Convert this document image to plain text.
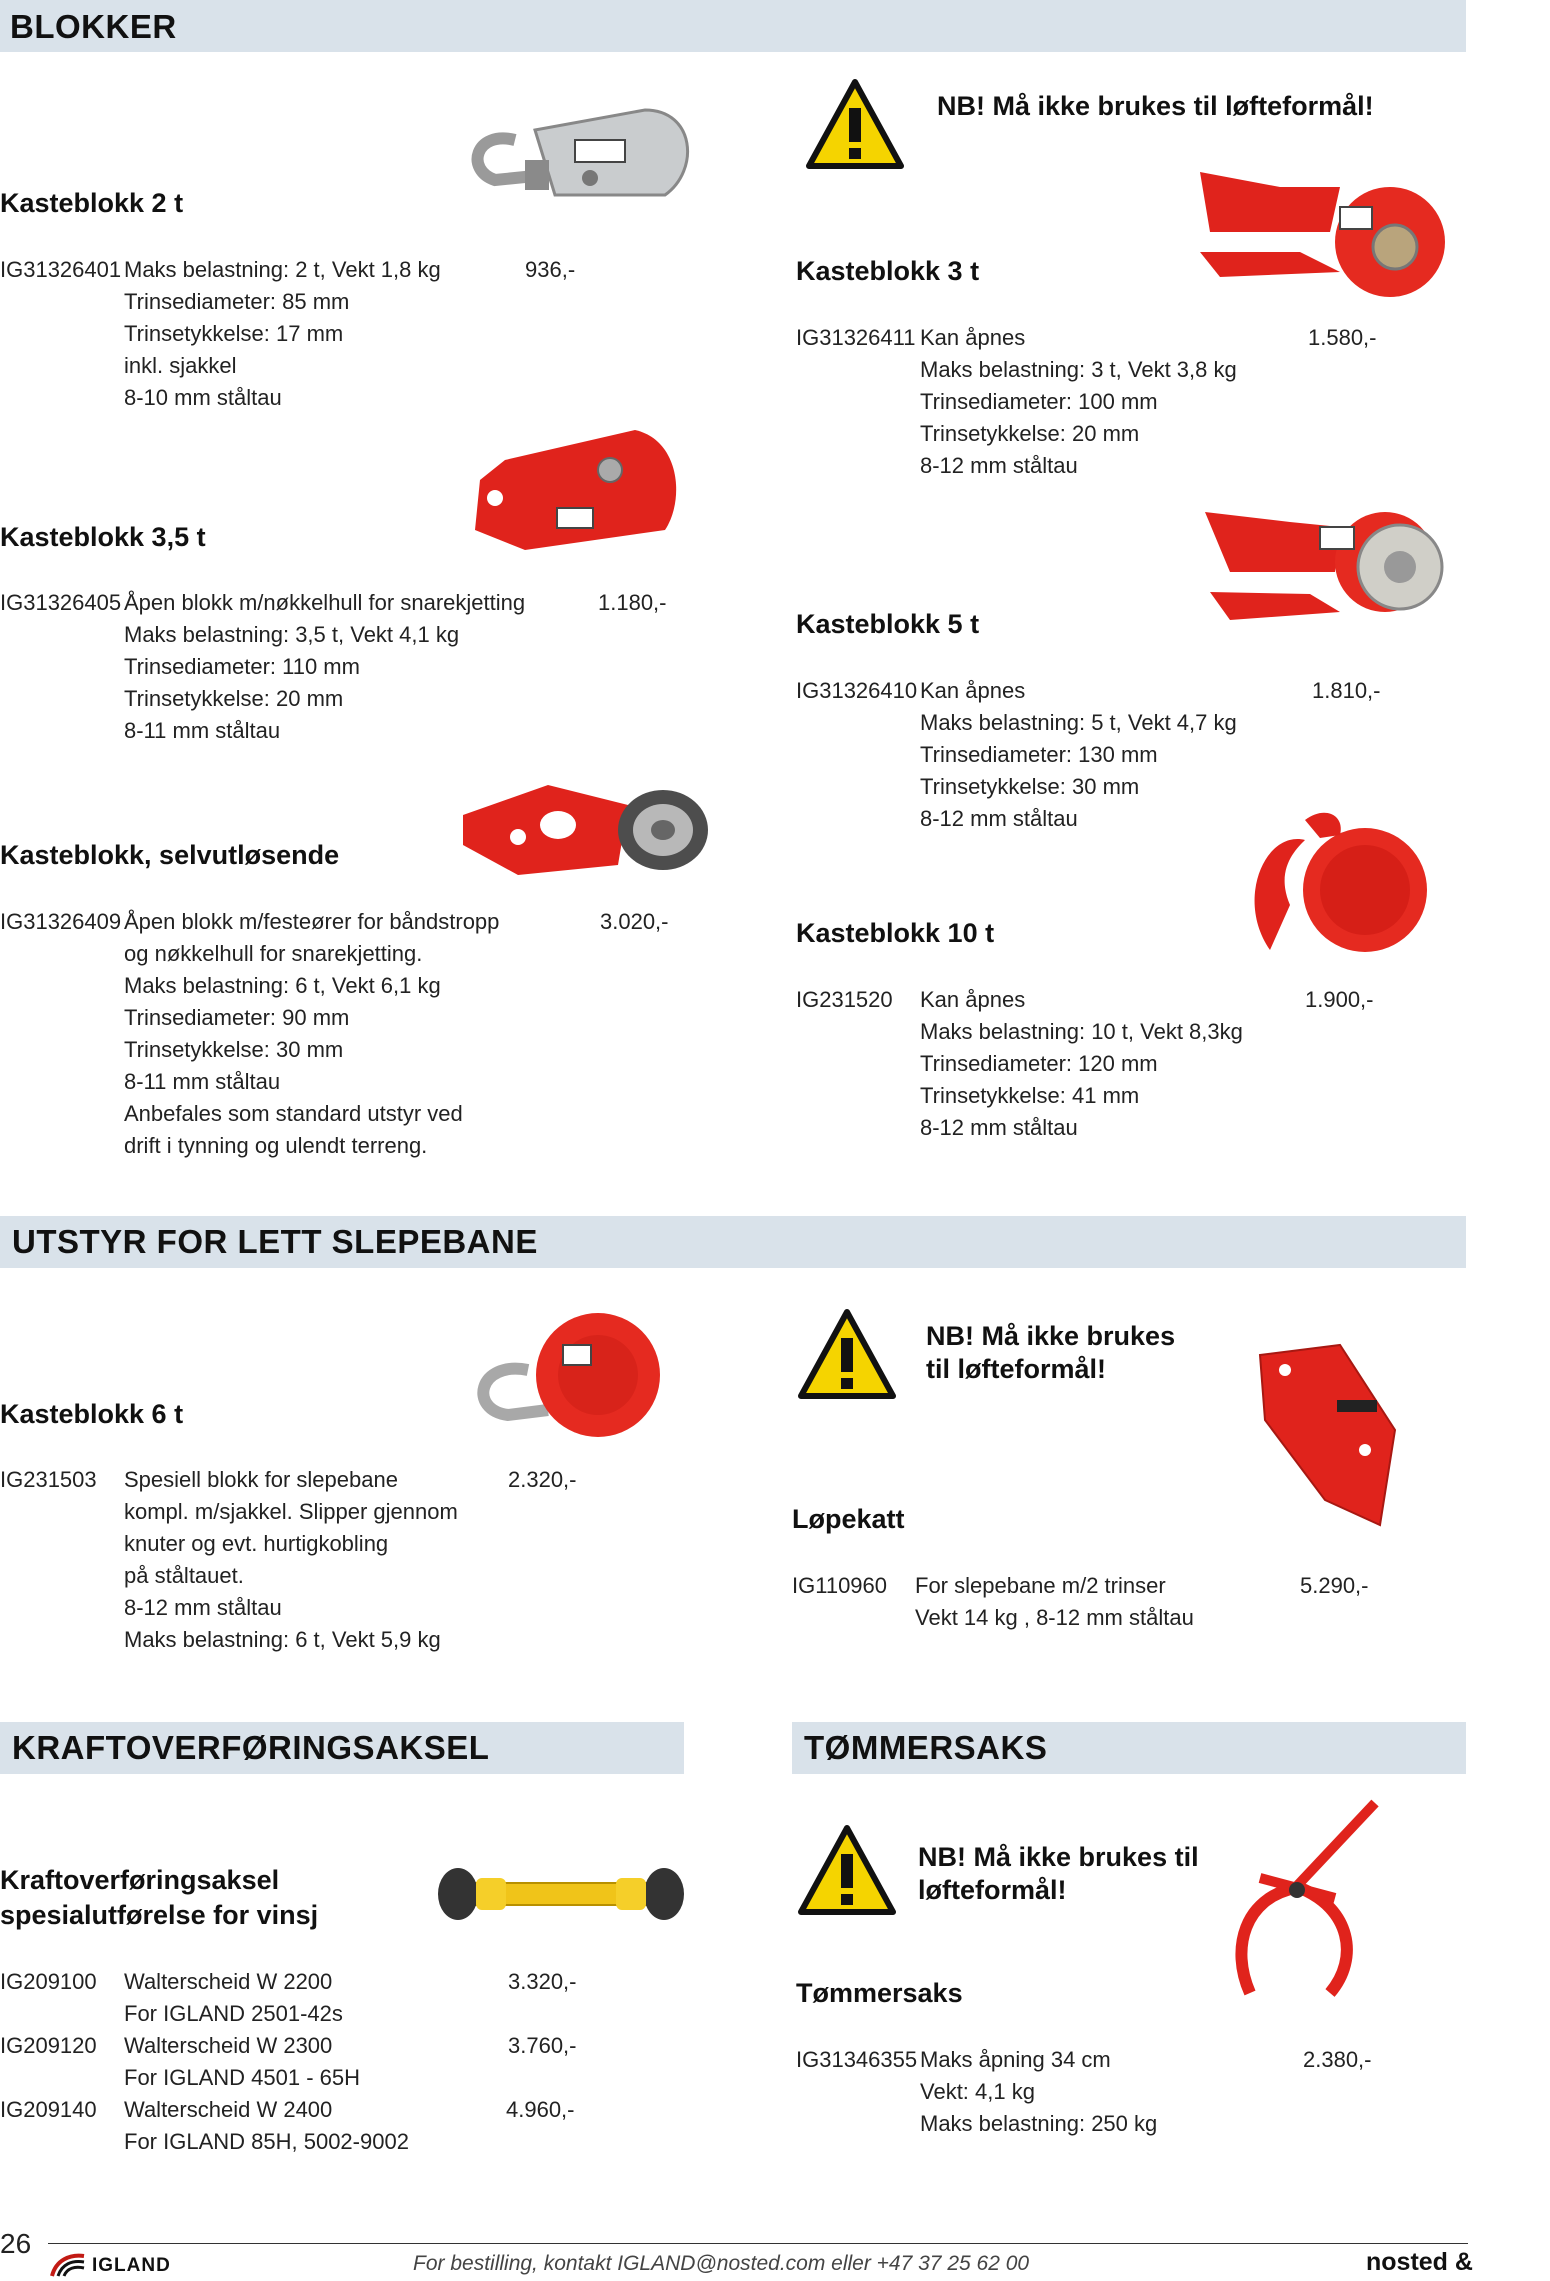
BLOKKER
UTSTYR FOR LETT SLEPEBANE
KRAFTOVERFØRINGSAKSEL	TØMMERSAKS
NB! Må ikke brukes til løfteformål!
NB! Må ikke brukes
til løfteformål!
NB! Må ikke brukes til
løfteformål!
Kasteblokk 2 t
IG31326401 Maks belastning: 2 t, Vekt 1,8 kg
Trinsediameter: 85 mm
Trinsetykkelse: 17 mm
inkl. sjakkel
8-10 mm ståltau
936,-
Kasteblokk 3,5 t
IG31326405 Åpen blokk m/nøkkelhull for snarekjetting
Maks belastning: 3,5 t, Vekt 4,1 kg
Trinsediameter: 110 mm
Trinsetykkelse: 20 mm
8-11 mm ståltau
1.180,-
Kasteblokk, selvutløsende
IG31326409 Åpen blokk m/festeører for båndstropp
og nøkkelhull for snarekjetting.
Maks belastning: 6 t, Vekt 6,1 kg
Trinsediameter: 90 mm
Trinsetykkelse: 30 mm
8-11 mm ståltau
Anbefales som standard utstyr ved
drift i tynning og ulendt terreng.
3.020,-
Kasteblokk 3 t
IG31326411 Kan åpnes
Maks belastning: 3 t, Vekt 3,8 kg
Trinsediameter: 100 mm
Trinsetykkelse: 20 mm
8-12 mm ståltau
1.580,-
Kasteblokk 5 t
IG31326410 Kan åpnes
Maks belastning: 5 t, Vekt 4,7 kg
Trinsediameter: 130 mm
Trinsetykkelse: 30 mm
8-12 mm ståltau
1.810,-
Kasteblokk 10 t
IG231520 Kan åpnes
Maks belastning: 10 t, Vekt 8,3kg
Trinsediameter: 120 mm
Trinsetykkelse: 41 mm
8-12 mm ståltau
1.900,-
Kasteblokk 6 t
IG231503 Spesiell blokk for slepebane
kompl. m/sjakkel. Slipper gjennom
knuter og evt. hurtigkobling
på ståltauet.
8-12 mm ståltau
Maks belastning: 6 t, Vekt 5,9 kg
2.320,-
Løpekatt
IG110960 For slepebane m/2 trinser
Vekt 14 kg , 8-12 mm ståltau
5.290,-
Kraftoverføringsaksel
spesialutførelse for vinsj
IG209100 Walterscheid W 2200
For IGLAND 2501-42s
3.320,-
IG209120 Walterscheid W 2300
For IGLAND 4501 - 65H
3.760,-
IG209140 Walterscheid W 2400
For IGLAND 85H, 5002-9002
4.960,-
Tømmersaks
IG31346355 Maks åpning 34 cm
Vekt: 4,1 kg
Maks belastning: 250 kg
2.380,-
26
IGLAND	For bestilling, kontakt IGLAND@nosted.com eller +47 37 25 62 00	nosted &
